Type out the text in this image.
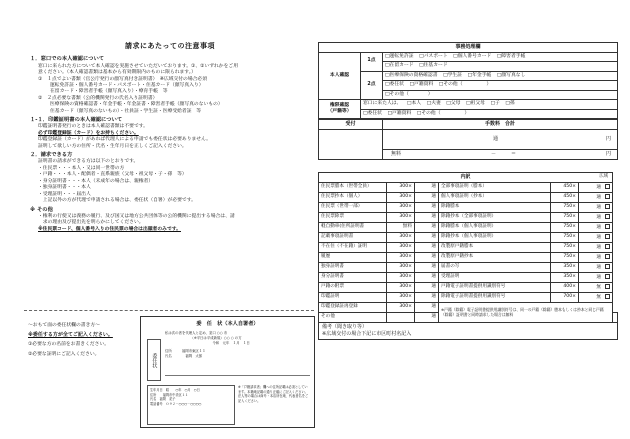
請求にあたっての注意事項
１．窓口での本人確認について
窓口に来られた方について本人確認を実施させていただいております。①、②いずれかをご用
意ください。（本人確認書類は基本から有効期限内のものに限られます。）
①　１点でよい書類（官公庁発行の顔写真付き証明書）　※広域交付の場合必須
運転免許証・個人番号カード・パスポート・住基カード（顔写真入り）
在留カード・障害者手帳（顔写真入り）・療育手帳　等
②　２点必要な書類（公的機関発行の氏名入り証明書）
医療保険の資格確認書・年金手帳・年金証書・障害者手帳（顔写真のないもの）
住基カード（顔写真のないもの）・社員証・学生証・医療受給者証　等
１-１．印鑑証明書の本人確認について
印鑑証明書発行のときは本人確認書類は不要です。
必ず印鑑登録証（カード）をお持ちください。
印鑑登録証（カード）があれば代理人による申請でも委任状は必要ありません。
証明して欲しい方の住所・氏名・生年月日を正しくご記入ください。
２．請求できる方
証明書の請求ができる方は以下のとおりです。
・住民票・・・本人・又は同一世帯の方
・戸籍・・・本人・配偶者・直系親族（父母・祖父母・子・孫　等）
・身分証明書・・・本人（未成年の場合は、親権者）
・独身証明書・・・本人
・受理証明・・・届出人
　上記以外の方が代理で申請される場合は、委任状（自署）が必要です。
※ その他
・権利の行使又は義務の履行、及び国又は地方公共団体等の公的機関に提出する場合は、請
　求の理由及び提出先を明らかにしてください。
※住民票コード、個人番号入りの住民票の場合は出頭者のみです。
～おもて面の委任状欄の書き方～
※委任する方が全てご記入ください。
①必要な方の名前をお書きください。
②必要な証明にご記入ください。
委　任　状（本人自署者）
委任状
私は次の者を代理人と定め、窓口 ○○ 市
　　　　　　　　（※平日は平成新規）○○ ○ の方
　　　　　　　　　　　　　　令和　元年　１月　１日
住所　　　福岡市東区１１
氏名　　　　福岡　太郎
生年月日　昭　　○年　○月　○日
住所　　福岡市中央区１１
氏名　福岡　花子
電話番号　０９２－○○○－○○○○
※「戸籍請求者」欄への住所記載は必須としています。本籍地記載の通り正確にご記入ください。法人等の場合は商号・本店所在地、代表者名をご記入ください。
事務処理欄		
本人確認	1点	□運転免許証 □パスポート □個人番号カード □障害者手帳
		□在留カード □住基カード
	2点	□医療保険の資格確認書 □学生証 □年金手帳 □顔写真なし
		□委任状 □戸籍資料 □その他（　　　　　）
		□その他（　　　　）
権限確認
（戸籍等）	窓口に来た人は、 □本人 □夫妻 □父母 □祖父母 □子 □孫	
	□委任状 □戸籍資料 □その他（　　　　　）	
受付	手数料　合計

	通 円

	無料 －　　　＝ 円
内訳 広域						

住民票謄本（世帯全員）	300×	通	全部事項証明（謄本）	450×	通	
住民票抄本（個人）	300×	通	個人事項証明（抄本）	450×	通	
住民票（世帯一部）	300×	通	除籍謄本	750×	通	
住民票除票	300×	通	除籍抄本（全部事項証明）	750×	通	
軽自動車(住所証明書	無料	通	除籍謄本（個人事項証明）	750×	通	
記載事項証明書	300×	通	除籍抄本（個人事項証明）	750×	通	
不在住（不在籍）証明	300×	通	改製原戸籍謄本	750×	通	
履歴	300×	通	改製原戸籍抄本	750×	通	
独身証明書	300×	通	届書の写	350×	通	
身分証明書	300×	通	受理証明	350×	通	
戸籍の附票	300×	通	戸籍電子証明書提供用識別符号	400×	無	
印鑑証明	300×	通	除籍電子証明書提供用識別符号	700×	無	
印鑑登録証再登録	300×	通	※戸籍（除籍）電子証明書提供用識別符号は、同一の戸籍（除籍）謄本もしくは抄本と同じ戸籍（除籍）証明書と同時請求した場合は無料			
その他		通				
備考（聞き取り等）
※広域交付の場合下記に市区町村名記入
